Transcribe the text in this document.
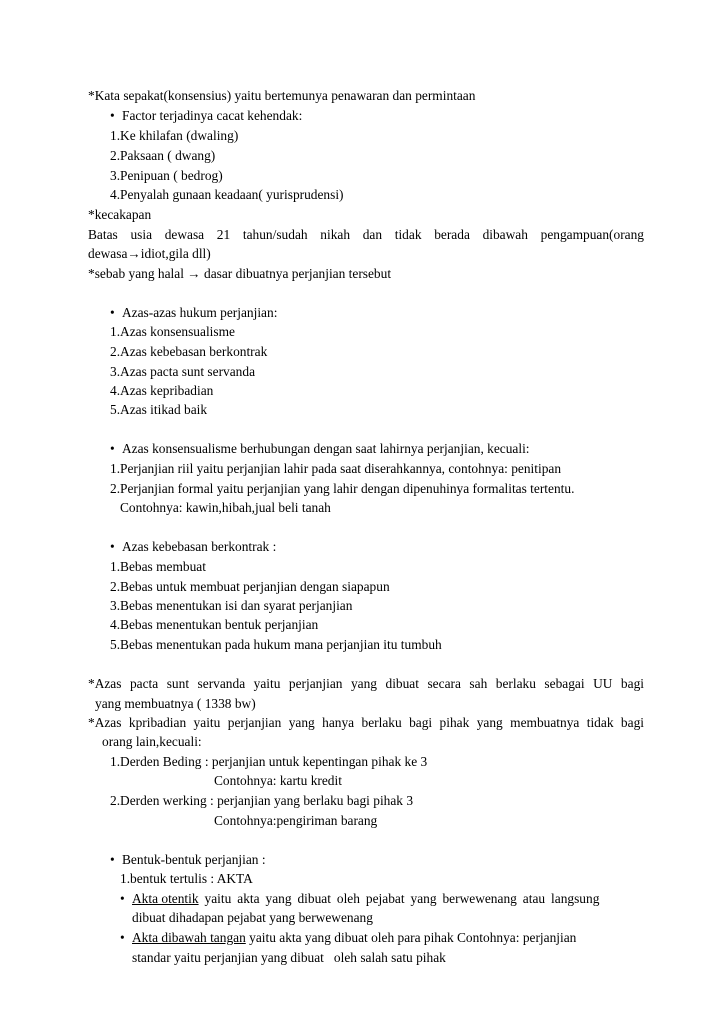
*Kata sepakat(konsensius) yaitu bertemunya penawaran dan permintaan
•Factor terjadinya cacat kehendak:
1.Ke khilafan (dwaling)
2.Paksaan ( dwang)
3.Penipuan ( bedrog)
4.Penyalah gunaan keadaan( yurisprudensi)
*kecakapan
Batas usia dewasa 21 tahun/sudah nikah dan tidak berada dibawah pengampuan(orang
dewasa→idiot,gila dll)
*sebab yang halal → dasar dibuatnya perjanjian tersebut
•Azas-azas hukum perjanjian:
1.Azas konsensualisme
2.Azas kebebasan berkontrak
3.Azas pacta sunt servanda
4.Azas kepribadian
5.Azas itikad baik
•Azas konsensualisme berhubungan dengan saat lahirnya perjanjian, kecuali:
1.Perjanjian riil yaitu perjanjian lahir pada saat diserahkannya, contohnya: penitipan
2.Perjanjian formal yaitu perjanjian yang lahir dengan dipenuhinya formalitas tertentu.
Contohnya: kawin,hibah,jual beli tanah
•Azas kebebasan berkontrak :
1.Bebas membuat
2.Bebas untuk membuat perjanjian dengan siapapun
3.Bebas menentukan isi dan syarat perjanjian
4.Bebas menentukan bentuk perjanjian
5.Bebas menentukan pada hukum mana perjanjian itu tumbuh
*Azas pacta sunt servanda yaitu perjanjian yang dibuat secara sah berlaku sebagai UU bagi
yang membuatnya ( 1338 bw)
*Azas kpribadian yaitu perjanjian yang hanya berlaku bagi pihak yang membuatnya tidak bagi
orang lain,kecuali:
1.Derden Beding : perjanjian untuk kepentingan pihak ke 3
Contohnya: kartu kredit
2.Derden werking : perjanjian yang berlaku bagi pihak 3
Contohnya:pengiriman barang
•Bentuk-bentuk perjanjian :
1.bentuk tertulis : AKTA
•Akta otentik yaitu akta yang dibuat oleh pejabat yang berwewenang atau langsung
dibuat dihadapan pejabat yang berwewenang
•Akta dibawah tangan yaitu akta yang dibuat oleh para pihak Contohnya: perjanjian
standar yaitu perjanjian yang dibuat   oleh salah satu pihak
